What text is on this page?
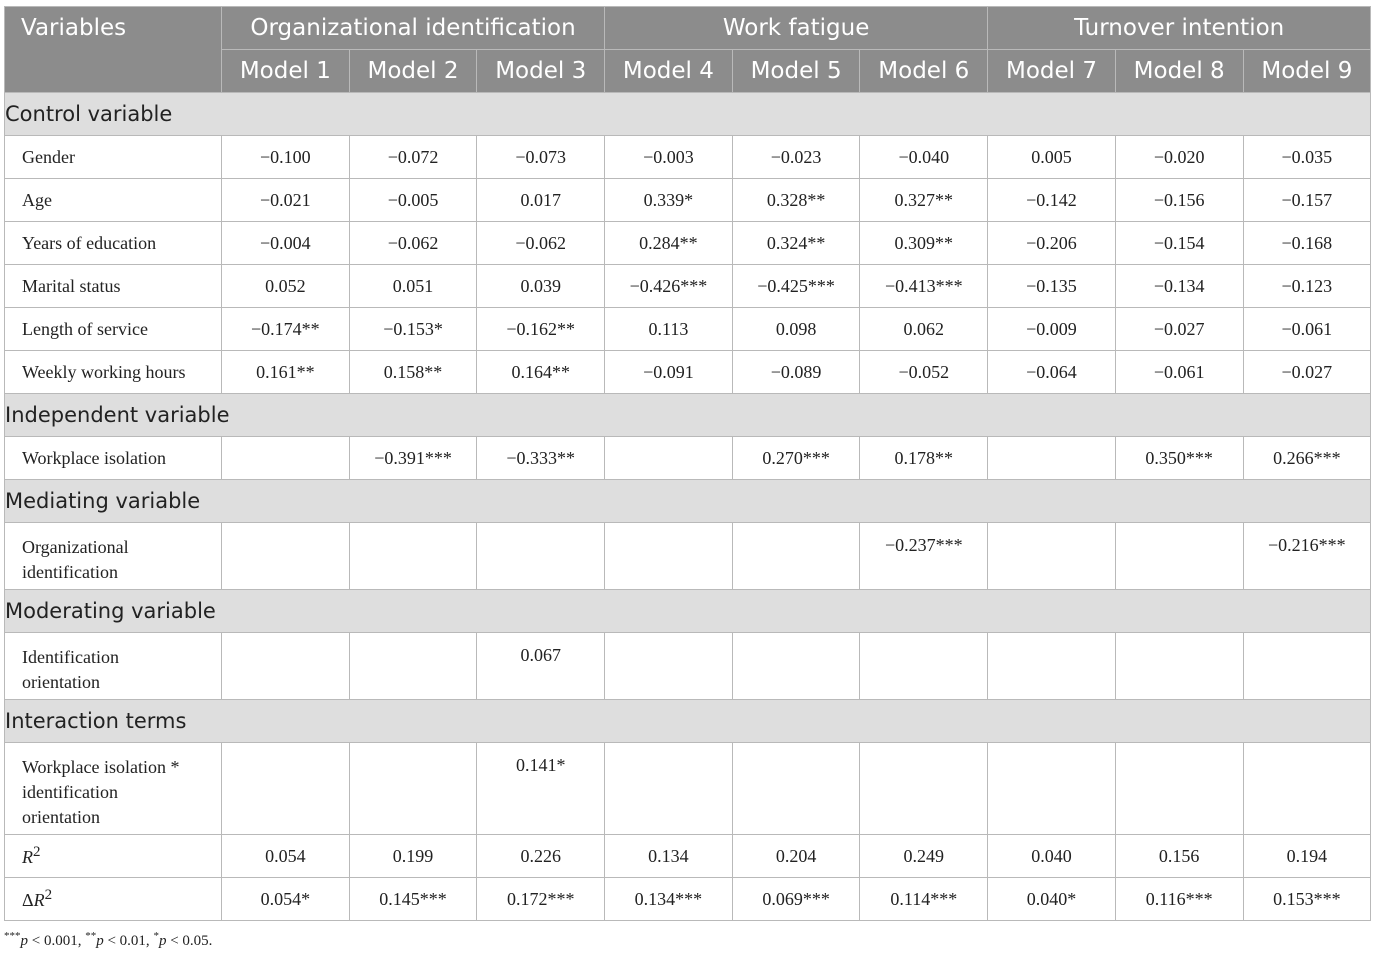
Variables	Organizational identification			Work fatigue			Turnover intention		
	Model 1	Model 2	Model 3	Model 4	Model 5	Model 6	Model 7	Model 8	Model 9
Control variable									
Gender	−0.100	−0.072	−0.073	−0.003	−0.023	−0.040	0.005	−0.020	−0.035
Age	−0.021	−0.005	0.017	0.339*	0.328**	0.327**	−0.142	−0.156	−0.157
Years of education	−0.004	−0.062	−0.062	0.284**	0.324**	0.309**	−0.206	−0.154	−0.168
Marital status	0.052	0.051	0.039	−0.426***	−0.425***	−0.413***	−0.135	−0.134	−0.123
Length of service	−0.174**	−0.153*	−0.162**	0.113	0.098	0.062	−0.009	−0.027	−0.061
Weekly working hours	0.161**	0.158**	0.164**	−0.091	−0.089	−0.052	−0.064	−0.061	−0.027
Independent variable									
Workplace isolation		−0.391***	−0.333**		0.270***	0.178**		0.350***	0.266***
Mediating variable									
Organizational
identification						−0.237***			−0.216***
Moderating variable									
Identification
orientation			0.067						
Interaction terms									
Workplace isolation *
identification
orientation			0.141*						
$R^2$	0.054	0.199	0.226	0.134	0.204	0.249	0.040	0.156	0.194
$\Delta R^2$	0.054*	0.145***	0.172***	0.134***	0.069***	0.114***	0.040*	0.116***	0.153***
***p < 0.001, **p < 0.01, *p < 0.05.
